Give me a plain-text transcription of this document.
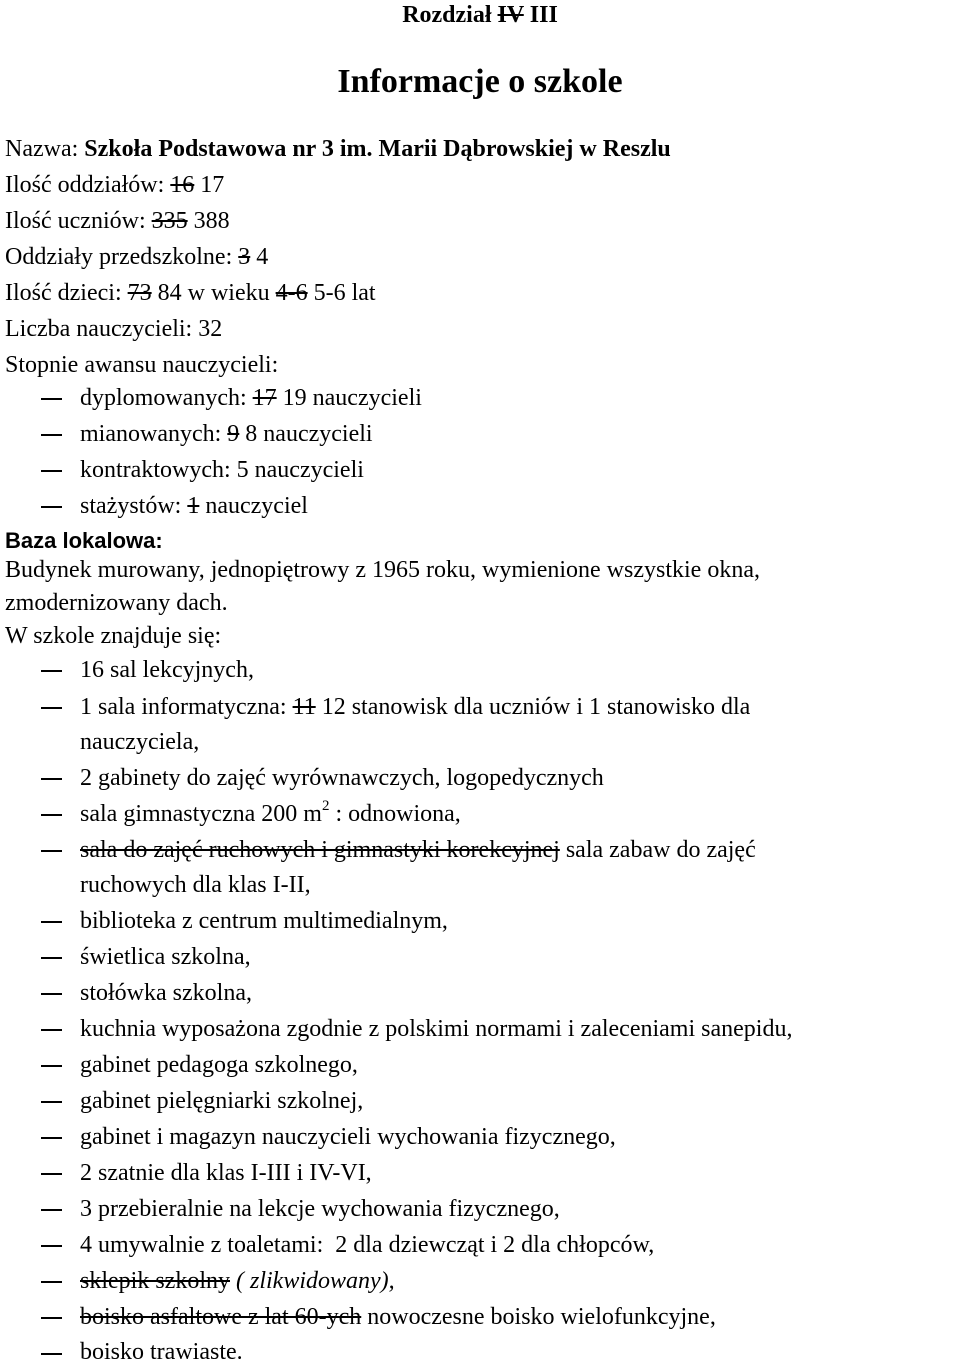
Rozdział IV III
Informacje o szkole
Nazwa: Szkoła Podstawowa nr 3 im. Marii Dąbrowskiej w Reszlu
Ilość oddziałów: 16 17
Ilość uczniów: 335 388
Oddziały przedszkolne: 3 4
Ilość dzieci: 73 84 w wieku 4-6 5-6 lat
Liczba nauczycieli: 32
Stopnie awansu nauczycieli:
dyplomowanych: 17 19 nauczycieli
mianowanych: 9 8 nauczycieli
kontraktowych: 5 nauczycieli
stażystów: 1 nauczyciel
Baza lokalowa:
Budynek murowany, jednopiętrowy z 1965 roku, wymienione wszystkie okna,
zmodernizowany dach.
W szkole znajduje się:
16 sal lekcyjnych,
1 sala informatyczna: 11 12 stanowisk dla uczniów i 1 stanowisko dla
nauczyciela,
2 gabinety do zajęć wyrównawczych, logopedycznych
sala gimnastyczna 200 $m^2$ : odnowiona,
sala do zajęć ruchowych i gimnastyki korekcyjnej sala zabaw do zajęć
ruchowych dla klas I-II,
biblioteka z centrum multimedialnym,
świetlica szkolna,
stołówka szkolna,
kuchnia wyposażona zgodnie z polskimi normami i zaleceniami sanepidu,
gabinet pedagoga szkolnego,
gabinet pielęgniarki szkolnej,
gabinet i magazyn nauczycieli wychowania fizycznego,
2 szatnie dla klas I-III i IV-VI,
3 przebieralnie na lekcje wychowania fizycznego,
4 umywalnie z toaletami:  2 dla dziewcząt i 2 dla chłopców,
sklepik szkolny ( zlikwidowany),
boisko asfaltowe z lat 60-ych nowoczesne boisko wielofunkcyjne,
boisko trawiaste.
